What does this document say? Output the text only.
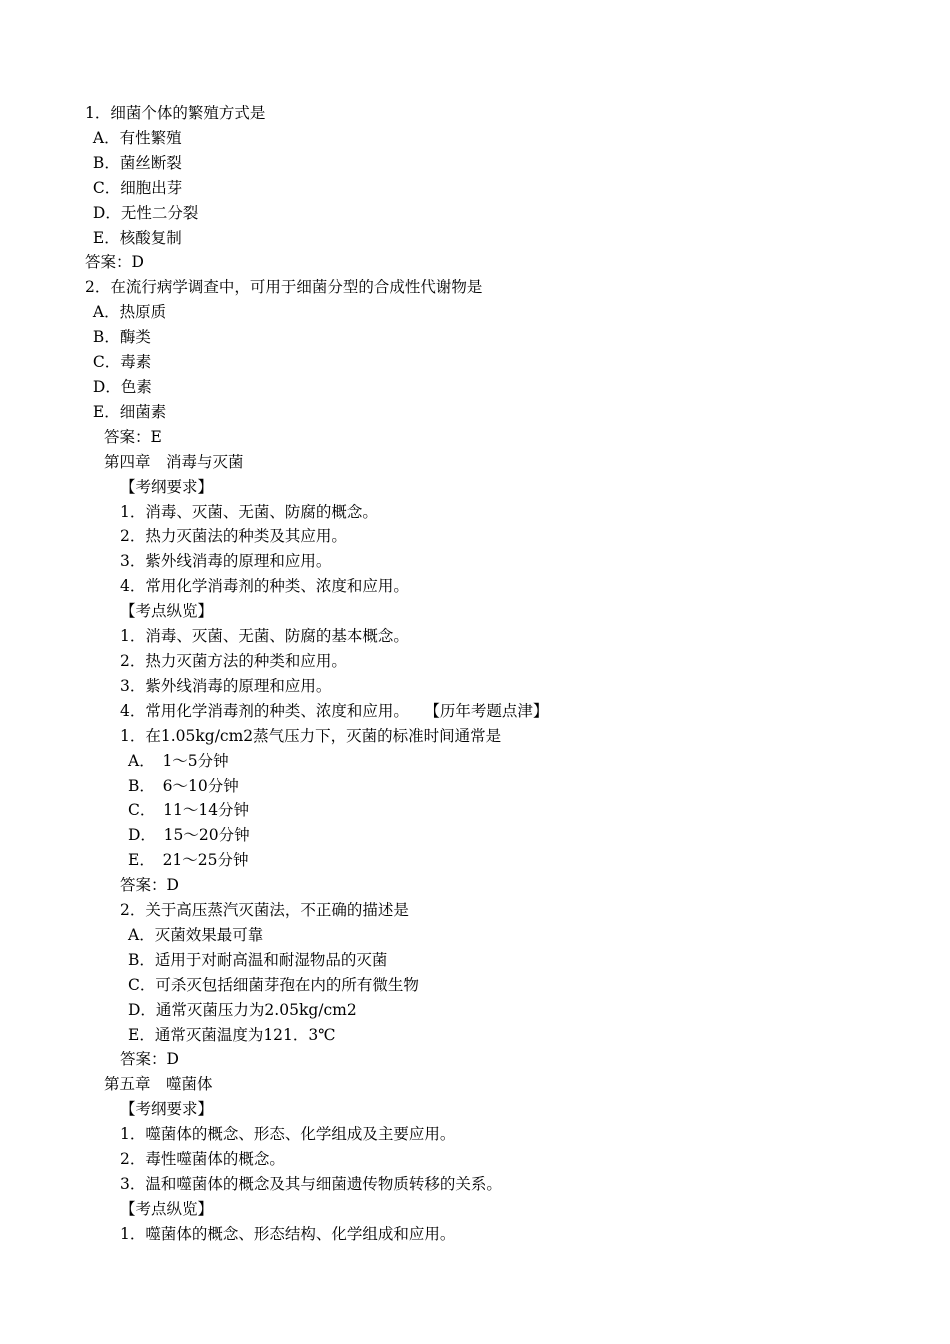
1．细菌个体的繁殖方式是
A．有性繁殖
B．菌丝断裂
C．细胞出芽
D．无性二分裂
E．核酸复制
答案：D
2．在流行病学调查中，可用于细菌分型的合成性代谢物是
A．热原质
B．酶类
C．毒素
D．色素
E．细菌素
答案：E
第四章　消毒与灭菌
【考纲要求】
1．消毒、灭菌、无菌、防腐的概念。
2．热力灭菌法的种类及其应用。
3．紫外线消毒的原理和应用。
4．常用化学消毒剂的种类、浓度和应用。
【考点纵览】
1．消毒、灭菌、无菌、防腐的基本概念。
2．热力灭菌方法的种类和应用。
3．紫外线消毒的原理和应用。
4．常用化学消毒剂的种类、浓度和应用。　　【历年考题点津】
1．在1.05kg/cm2蒸气压力下，灭菌的标准时间通常是
A．　1～5分钟
B．　6～10分钟
C．　11～14分钟
D．　15～20分钟
E．　21～25分钟
答案：D
2．关于高压蒸汽灭菌法，不正确的描述是
A．灭菌效果最可靠
B．适用于对耐高温和耐湿物品的灭菌
C．可杀灭包括细菌芽孢在内的所有微生物
D．通常灭菌压力为2.05kg/cm2
E．通常灭菌温度为121．3℃
答案：D
第五章　噬菌体
【考纲要求】
1．噬菌体的概念、形态、化学组成及主要应用。
2．毒性噬菌体的概念。
3．温和噬菌体的概念及其与细菌遗传物质转移的关系。
【考点纵览】
1．噬菌体的概念、形态结构、化学组成和应用。
